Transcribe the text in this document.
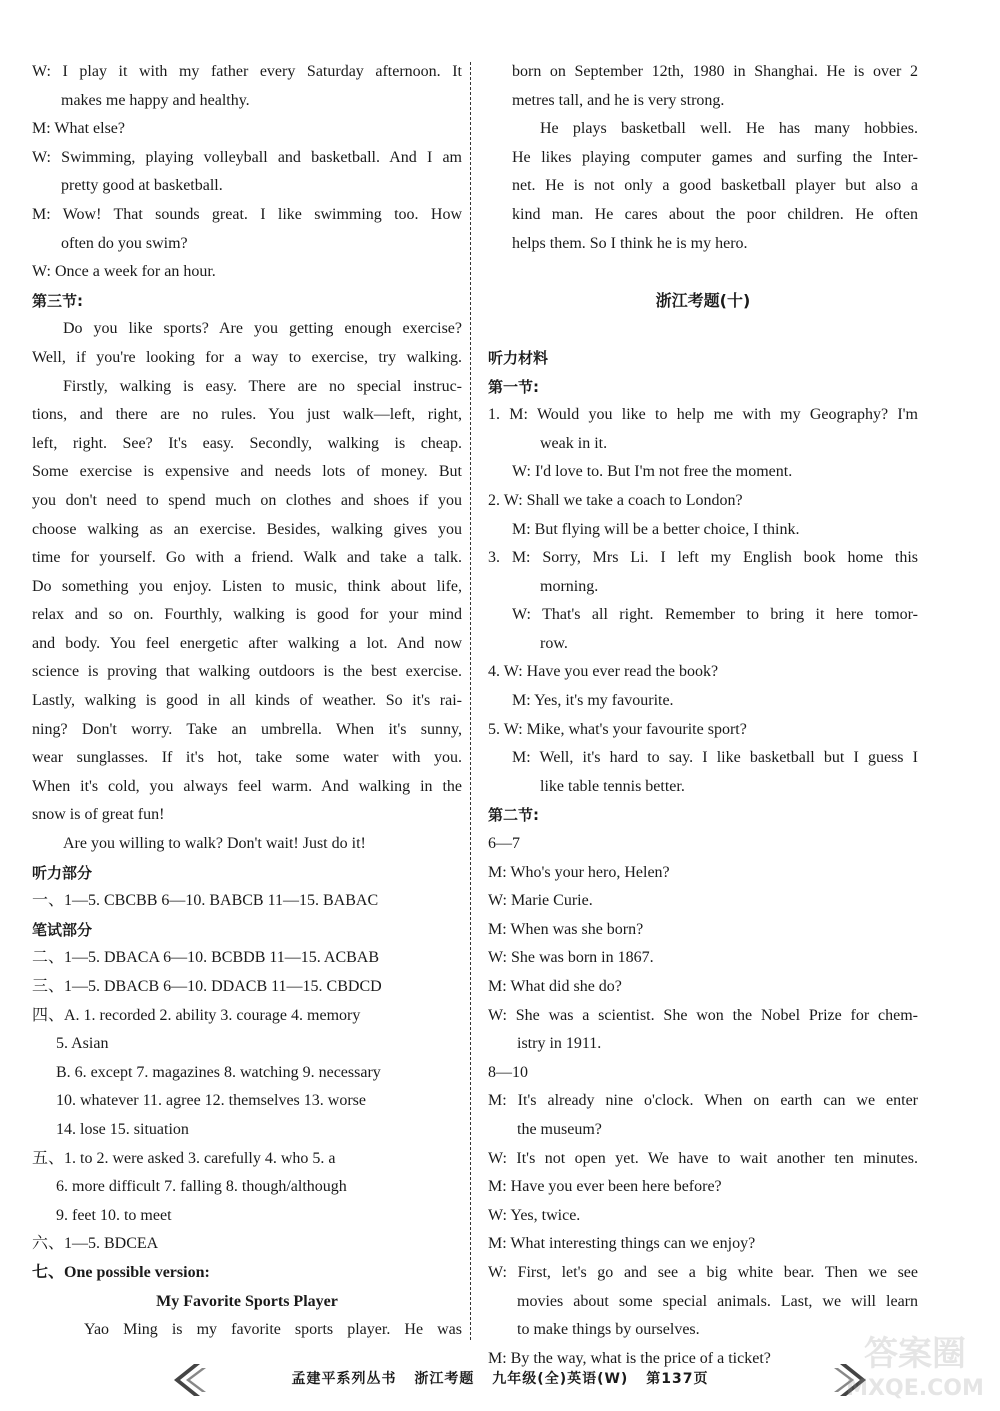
W: I play it with my father every Saturday afternoon. It
makes me happy and healthy.
M: What else?
W: Swimming, playing volleyball and basketball. And I am
pretty good at basketball.
M: Wow! That sounds great. I like swimming too. How
often do you swim?
W: Once a week for an hour.
第三节:
Do you like sports? Are you getting enough exercise?
Well, if you're looking for a way to exercise, try walking.
Firstly, walking is easy. There are no special instruc-
tions, and there are no rules. You just walk—left, right,
left, right. See? It's easy. Secondly, walking is cheap.
Some exercise is expensive and needs lots of money. But
you don't need to spend much on clothes and shoes if you
choose walking as an exercise. Besides, walking gives you
time for yourself. Go with a friend. Walk and take a talk.
Do something you enjoy. Listen to music, think about life,
relax and so on. Fourthly, walking is good for your mind
and body. You feel energetic after walking a lot. And now
science is proving that walking outdoors is the best exercise.
Lastly, walking is good in all kinds of weather. So it's rai-
ning? Don't worry. Take an umbrella. When it's sunny,
wear sunglasses. If it's hot, take some water with you.
When it's cold, you always feel warm. And walking in the
snow is of great fun!
Are you willing to walk? Don't wait! Just do it!
听力部分
一、1—5. CBCBB 6—10. BABCB 11—15. BABAC
笔试部分
二、1—5. DBACA 6—10. BCBDB 11—15. ACBAB
三、1—5. DBACB 6—10. DDACB 11—15. CBDCD
四、A. 1. recorded 2. ability 3. courage 4. memory
5. Asian
B. 6. except 7. magazines 8. watching 9. necessary
10. whatever 11. agree 12. themselves 13. worse
14. lose 15. situation
五、1. to 2. were asked 3. carefully 4. who 5. a
6. more difficult 7. falling 8. though/although
9. feet 10. to meet
六、1—5. BDCEA
七、One possible version:
My Favorite Sports Player
Yao Ming is my favorite sports player. He was
born on September 12th, 1980 in Shanghai. He is over 2
metres tall, and he is very strong.
He plays basketball well. He has many hobbies.
He likes playing computer games and surfing the Inter-
net. He is not only a good basketball player but also a
kind man. He cares about the poor children. He often
helps them. So I think he is my hero.
浙江考题(十)
听力材料
第一节:
1. M: Would you like to help me with my Geography? I'm
weak in it.
W: I'd love to. But I'm not free the moment.
2. W: Shall we take a coach to London?
M: But flying will be a better choice, I think.
3. M: Sorry, Mrs Li. I left my English book home this
morning.
W: That's all right. Remember to bring it here tomor-
row.
4. W: Have you ever read the book?
M: Yes, it's my favourite.
5. W: Mike, what's your favourite sport?
M: Well, it's hard to say. I like basketball but I guess I
like table tennis better.
第二节:
6—7
M: Who's your hero, Helen?
W: Marie Curie.
M: When was she born?
W: She was born in 1867.
M: What did she do?
W: She was a scientist. She won the Nobel Prize for chem-
istry in 1911.
8—10
M: It's already nine o'clock. When on earth can we enter
the museum?
W: It's not open yet. We have to wait another ten minutes.
M: Have you ever been here before?
W: Yes, twice.
M: What interesting things can we enjoy?
W: First, let's go and see a big white bear. Then we see
movies about some special animals. Last, we will learn
to make things by ourselves.
M: By the way, what is the price of a ticket?
孟建平系列丛书 浙江考题 九年级(全)英语(W) 第137页
答案圈
MXQE.COM
